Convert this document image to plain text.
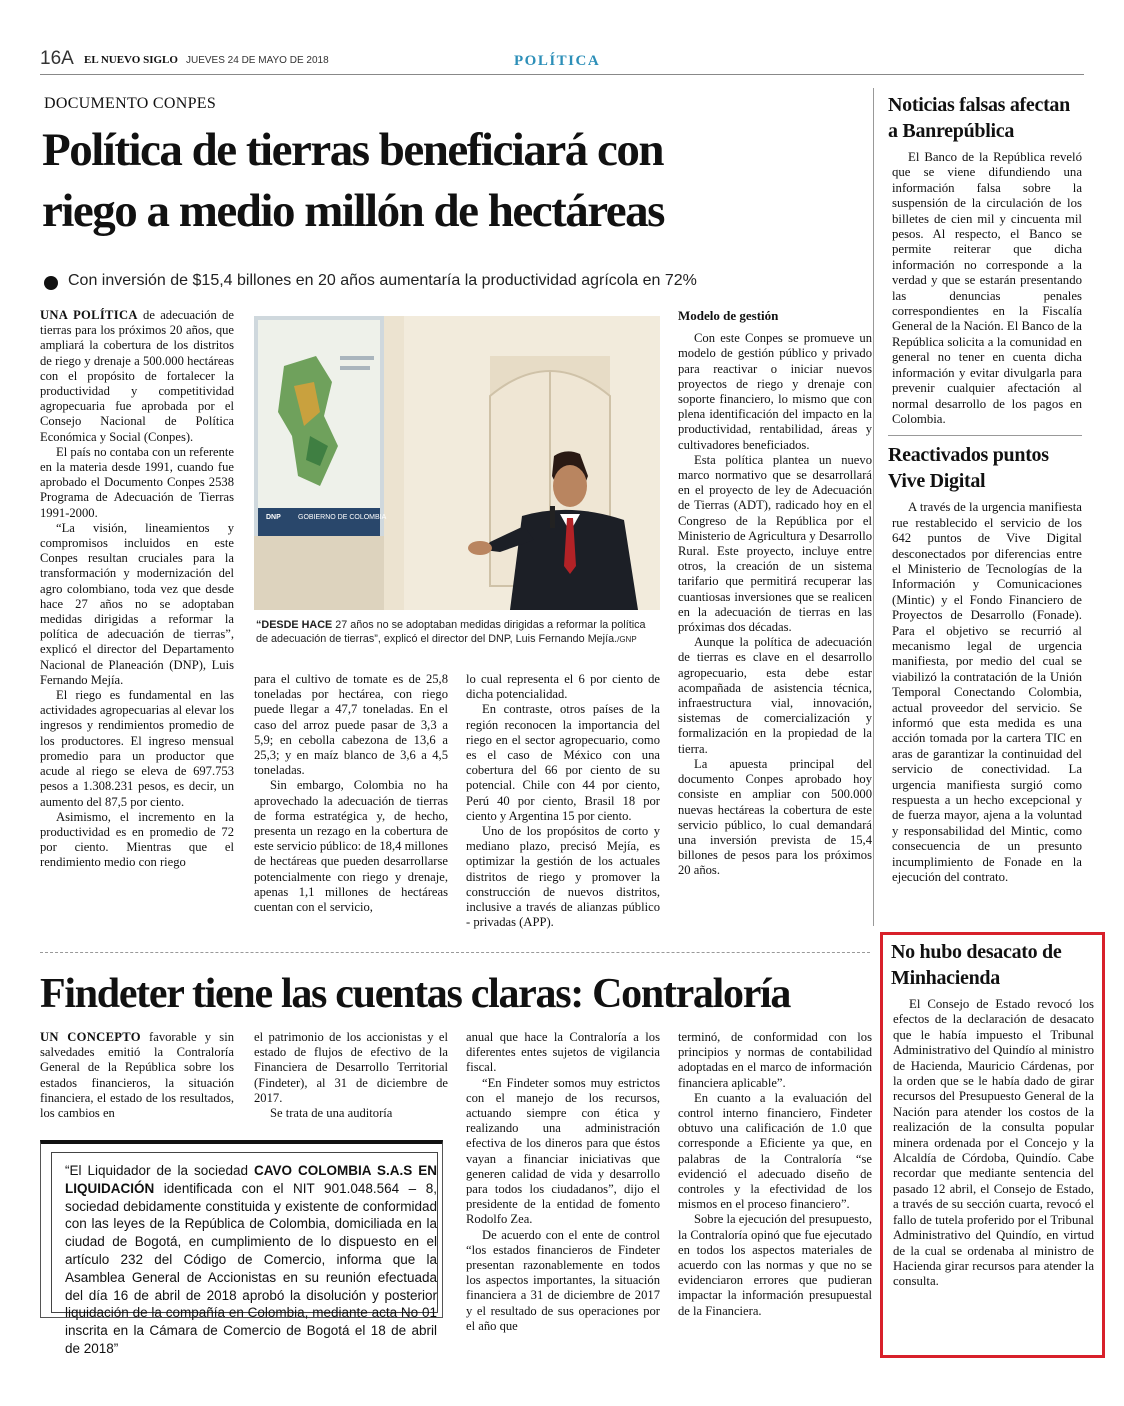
16A EL NUEVO SIGLO JUEVES 24 DE MAYO DE 2018	POLÍTICA
DOCUMENTO CONPES
Política de tierras beneficiará con
riego a medio millón de hectáreas
Con inversión de $15,4 billones en 20 años aumentaría la productividad agrícola en 72%

UNA POLÍTICA de adecuación de tierras para los próximos 20 años, que ampliará la cobertura de los distritos de riego y drenaje a 500.000 hectáreas con el propósito de fortalecer la productividad y competitividad agropecuaria fue aprobada por el Consejo Nacional de Política Económica y Social (Conpes).

El país no contaba con un referente en la materia desde 1991, cuando fue aprobado el Documento Conpes 2538 Programa de Adecuación de Tierras 1991-2000.

“La visión, lineamientos y compromisos incluidos en este Conpes resultan cruciales para la transformación y modernización del agro colombiano, toda vez que desde hace 27 años no se adoptaban medidas dirigidas a reformar la política de adecuación de tierras”, explicó el director del Departamento Nacional de Planeación (DNP), Luis Fernando Mejía.

El riego es fundamental en las actividades agropecuarias al elevar los ingresos y rendimientos promedio de los productores. El ingreso mensual promedio para un productor que acude al riego se eleva de 697.753 pesos a 1.308.231 pesos, es decir, un aumento del 87,5 por ciento.

Asimismo, el incremento en la productividad es en promedio de 72 por ciento. Mientras que el rendimiento medio con riego

DNP GOBIERNO DE COLOMBIA
“DESDE HACE 27 años no se adoptaban medidas dirigidas a reformar la política de adecuación de tierras”, explicó el director del DNP, Luis Fernando Mejía./GNP

para el cultivo de tomate es de 25,8 toneladas por hectárea, con riego puede llegar a 47,7 toneladas. En el caso del arroz puede pasar de 3,3 a 5,9; en cebolla cabezona de 13,6 a 25,3; y en maíz blanco de 3,6 a 4,5 toneladas.

Sin embargo, Colombia no ha aprovechado la adecuación de tierras de forma estratégica y, de hecho, presenta un rezago en la cobertura de este servicio público: de 18,4 millones de hectáreas que pueden desarrollarse potencialmente con riego y drenaje, apenas 1,1 millones de hectáreas cuentan con el servicio,

lo cual representa el 6 por ciento de dicha potencialidad.

En contraste, otros países de la región reconocen la importancia del riego en el sector agropecuario, como es el caso de México con una cobertura del 66 por ciento de su potencial. Chile con 44 por ciento, Perú 40 por ciento, Brasil 18 por ciento y Argentina 15 por ciento.

Uno de los propósitos de corto y mediano plazo, precisó Mejía, es optimizar la gestión de los actuales distritos de riego y promover la construcción de nuevos distritos, inclusive a través de alianzas público - privadas (APP).

Modelo de gestión

Con este Conpes se promueve un modelo de gestión público y privado para reactivar o iniciar nuevos proyectos de riego y drenaje con soporte financiero, lo mismo que con plena identificación del impacto en la productividad, rentabilidad, áreas y cultivadores beneficiados.

Esta política plantea un nuevo marco normativo que se desarrollará en el proyecto de ley de Adecuación de Tierras (ADT), radicado hoy en el Congreso de la República por el Ministerio de Agricultura y Desarrollo Rural. Este proyecto, incluye entre otros, la creación de un sistema tarifario que permitirá recuperar las cuantiosas inversiones que se realicen en la adecuación de tierras en las próximas dos décadas.

Aunque la política de adecuación de tierras es clave en el desarrollo agropecuario, esta debe estar acompañada de asistencia técnica, infraestructura vial, innovación, sistemas de comercialización y formalización en la propiedad de la tierra.

La apuesta principal del documento Conpes aprobado hoy consiste en ampliar con 500.000 nuevas hectáreas la cobertura de este servicio público, lo cual demandará una inversión prevista de 15,4 billones de pesos para los próximos 20 años.

Findeter tiene las cuentas claras: Contraloría

UN CONCEPTO favorable y sin salvedades emitió la Contraloría General de la República sobre los estados financieros, la situación financiera, el estado de los resultados, los cambios en

el patrimonio de los accionistas y el estado de flujos de efectivo de la Financiera de Desarrollo Territorial (Findeter), al 31 de diciembre de 2017.

Se trata de una auditoría

anual que hace la Contraloría a los diferentes entes sujetos de vigilancia fiscal.

“En Findeter somos muy estrictos con el manejo de los recursos, actuando siempre con ética y realizando una administración efectiva de los dineros para que éstos vayan a financiar iniciativas que generen calidad de vida y desarrollo para todos los ciudadanos”, dijo el presidente de la entidad de fomento Rodolfo Zea.

De acuerdo con el ente de control “los estados financieros de Findeter presentan razonablemente en todos los aspectos importantes, la situación financiera a 31 de diciembre de 2017 y el resultado de sus operaciones por el año que

terminó, de conformidad con los principios y normas de contabilidad adoptadas en el marco de información financiera aplicable”.

En cuanto a la evaluación del control interno financiero, Findeter obtuvo una calificación de 1.0 que corresponde a Eficiente ya que, en palabras de la Contraloría “se evidenció el adecuado diseño de controles y la efectividad de los mismos en el proceso financiero”.

Sobre la ejecución del presupuesto, la Contraloría opinó que fue ejecutado en todos los aspectos materiales de acuerdo con las normas y que no se evidenciaron errores que pudieran impactar la información presupuestal de la Financiera.

“El Liquidador de la sociedad CAVO COLOMBIA S.A.S EN LIQUIDACIÓN identificada con el NIT 901.048.564 – 8, sociedad debidamente constituida y existente de conformidad con las leyes de la República de Colombia, domiciliada en la ciudad de Bogotá, en cumplimiento de lo dispuesto en el artículo 232 del Código de Comercio, informa que la Asamblea General de Accionistas en su reunión efectuada del día 16 de abril de 2018 aprobó la disolución y posterior liquidación de la compañía en Colombia, mediante acta No 01 inscrita en la Cámara de Comercio de Bogotá el 18 de abril de 2018”
Noticias falsas afectan a Banrepública

El Banco de la República reveló que se viene difundiendo una información falsa sobre la suspensión de la circulación de los billetes de cien mil y cincuenta mil pesos. Al respecto, el Banco se permite reiterar que dicha información no corresponde a la verdad y que se estarán presentando las denuncias penales correspondientes en la Fiscalía General de la Nación. El Banco de la República solicita a la comunidad en general no tener en cuenta dicha información y evitar divulgarla para prevenir cualquier afectación al normal desarrollo de los pagos en Colombia.

Reactivados puntos Vive Digital

A través de la urgencia manifiesta rue restablecido el servicio de los 642 puntos de Vive Digital desconectados por diferencias entre el Ministerio de Tecnologías de la Información y Comunicaciones (Mintic) y el Fondo Financiero de Proyectos de Desarrollo (Fonade). Para el objetivo se recurrió al mecanismo legal de urgencia manifiesta, por medio del cual se viabilizó la contratación de la Unión Temporal Conectando Colombia, actual proveedor del servicio. Se informó que esta medida es una acción tomada por la cartera TIC en aras de garantizar la continuidad del servicio de conectividad. La urgencia manifiesta surgió como respuesta a un hecho excepcional y de fuerza mayor, ajena a la voluntad y responsabilidad del Mintic, como consecuencia de un presunto incumplimiento de Fonade en la ejecución del contrato.

No hubo desacato de Minhacienda

El Consejo de Estado revocó los efectos de la declaración de desacato que le había impuesto el Tribunal Administrativo del Quindío al ministro de Hacienda, Mauricio Cárdenas, por la orden que se le había dado de girar recursos del Presupuesto General de la Nación para atender los costos de la realización de la consulta popular minera ordenada por el Concejo y la Alcaldía de Córdoba, Quindío. Cabe recordar que mediante sentencia del pasado 12 abril, el Consejo de Estado, a través de su sección cuarta, revocó el fallo de tutela proferido por el Tribunal Administrativo del Quindío, en virtud de la cual se ordenaba al ministro de Hacienda girar recursos para atender la consulta.
